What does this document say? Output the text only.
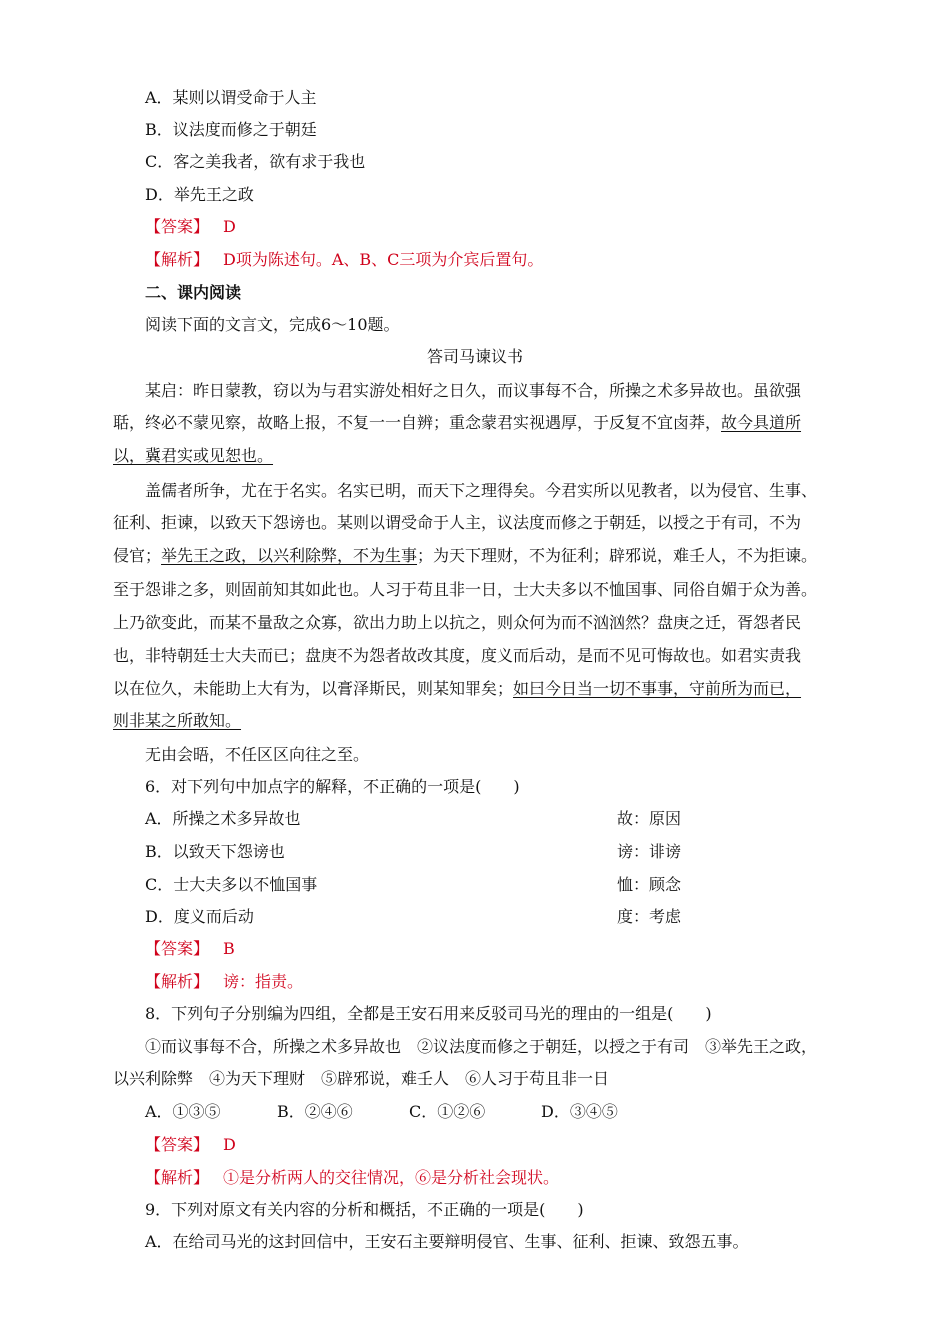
A．某则以谓受命于人主
B．议法度而修之于朝廷
C．客之美我者，欲有求于我也
D．举先王之政
【答案】 D
【解析】 D项为陈述句。A、B、C三项为介宾后置句。
二、课内阅读
阅读下面的文言文，完成6～10题。
答司马谏议书
某启：昨日蒙教，窃以为与君实游处相好之日久，而议事每不合，所操之术多异故也。虽欲强
聒，终必不蒙见察，故略上报，不复一一自辨；重念蒙君实视遇厚，于反复不宜卤莽，故今具道所
以，冀君实或见恕也。
盖儒者所争，尤在于名实。名实已明，而天下之理得矣。今君实所以见教者，以为侵官、生事、
征利、拒谏，以致天下怨谤也。某则以谓受命于人主，议法度而修之于朝廷，以授之于有司，不为
侵官；举先王之政，以兴利除弊，不为生事；为天下理财，不为征利；辟邪说，难壬人，不为拒谏。
至于怨诽之多，则固前知其如此也。人习于苟且非一日，士大夫多以不恤国事、同俗自媚于众为善。
上乃欲变此，而某不量敌之众寡，欲出力助上以抗之，则众何为而不汹汹然？盘庚之迁，胥怨者民
也，非特朝廷士大夫而已；盘庚不为怨者故改其度，度义而后动，是而不见可悔故也。如君实责我
以在位久，未能助上大有为，以膏泽斯民，则某知罪矣；如曰今日当一切不事事，守前所为而已，
则非某之所敢知。
无由会晤，不任区区向往之至。
6．对下列句中加点字的解释，不正确的一项是(　　)
A．所操之术多异故也	故：原因
B．以致天下怨谤也	谤：诽谤
C．士大夫多以不恤国事	恤：顾念
D．度义而后动	度：考虑
【答案】 B
【解析】 谤：指责。
8．下列句子分别编为四组，全都是王安石用来反驳司马光的理由的一组是(　　)
①而议事每不合，所操之术多异故也　②议法度而修之于朝廷，以授之于有司　③举先王之政，
以兴利除弊　④为天下理财　⑤辟邪说，难壬人　⑥人习于苟且非一日
A．①③⑤	B．②④⑥	C．①②⑥	D．③④⑤
【答案】 D
【解析】 ①是分析两人的交往情况，⑥是分析社会现状。
9．下列对原文有关内容的分析和概括，不正确的一项是(　　)
A．在给司马光的这封回信中，王安石主要辩明侵官、生事、征利、拒谏、致怨五事。
